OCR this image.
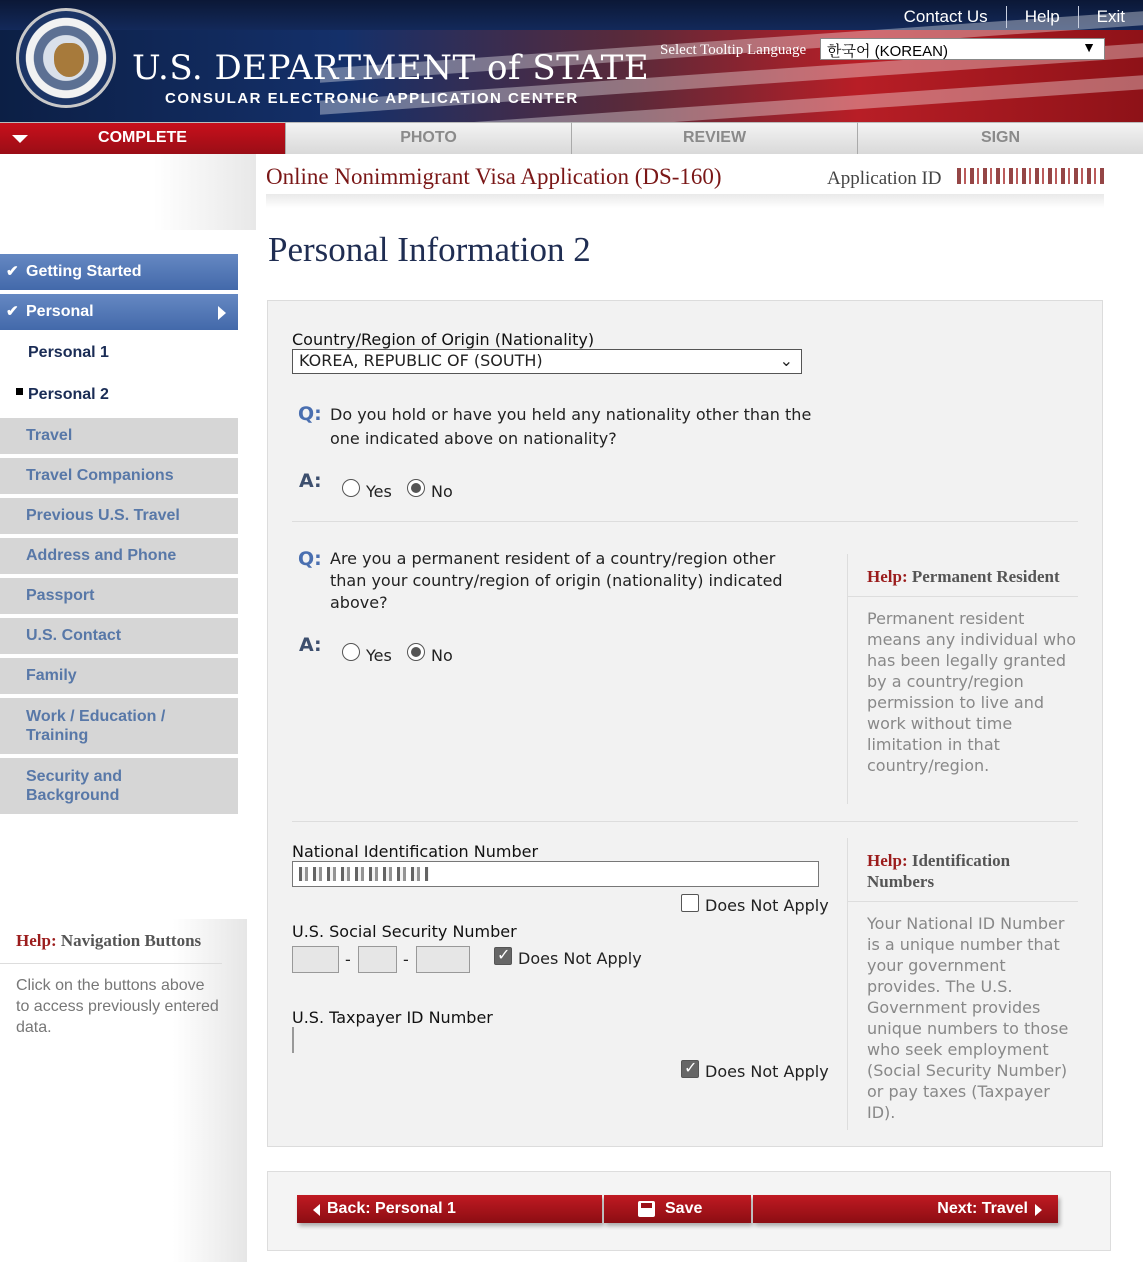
U.S. DEPARTMENT of STATE
CONSULAR ELECTRONIC APPLICATION CENTER
Contact Us	Help	Exit
Select Tooltip Language	한국어 (KOREAN)	▼
COMPLETE	PHOTO	REVIEW	SIGN
✔ Getting Started
✔ Personal
Personal 1
Personal 2
Travel
Travel Companions
Previous U.S. Travel
Address and Phone
Passport
U.S. Contact
Family
Work / Education / Training
Security and Background
Help: Navigation Buttons
Click on the buttons above to access previously entered data.
Online Nonimmigrant Visa Application (DS-160)	Application ID
Personal Information 2
Country/Region of Origin (Nationality)
KOREA, REPUBLIC OF (SOUTH)	⌄
Q: Do you hold or have you held any nationality other than the one indicated above on nationality?
A:	Yes No
Q: Are you a permanent resident of a country/region other than your country/region of origin (nationality) indicated above?
A:	Yes No
Help: Permanent Resident
Permanent resident means any individual who has been legally granted by a country/region permission to live and work without time limitation in that country/region.
National Identification Number
Does Not Apply
U.S. Social Security Number
-	-
✓	Does Not Apply
U.S. Taxpayer ID Number
✓
Does Not Apply
Help: Identification Numbers
Your National ID Number is a unique number that your government provides. The U.S. Government provides unique numbers to those who seek employment (Social Security Number) or pay taxes (Taxpayer ID).
Back: Personal 1	Save	Next: Travel
